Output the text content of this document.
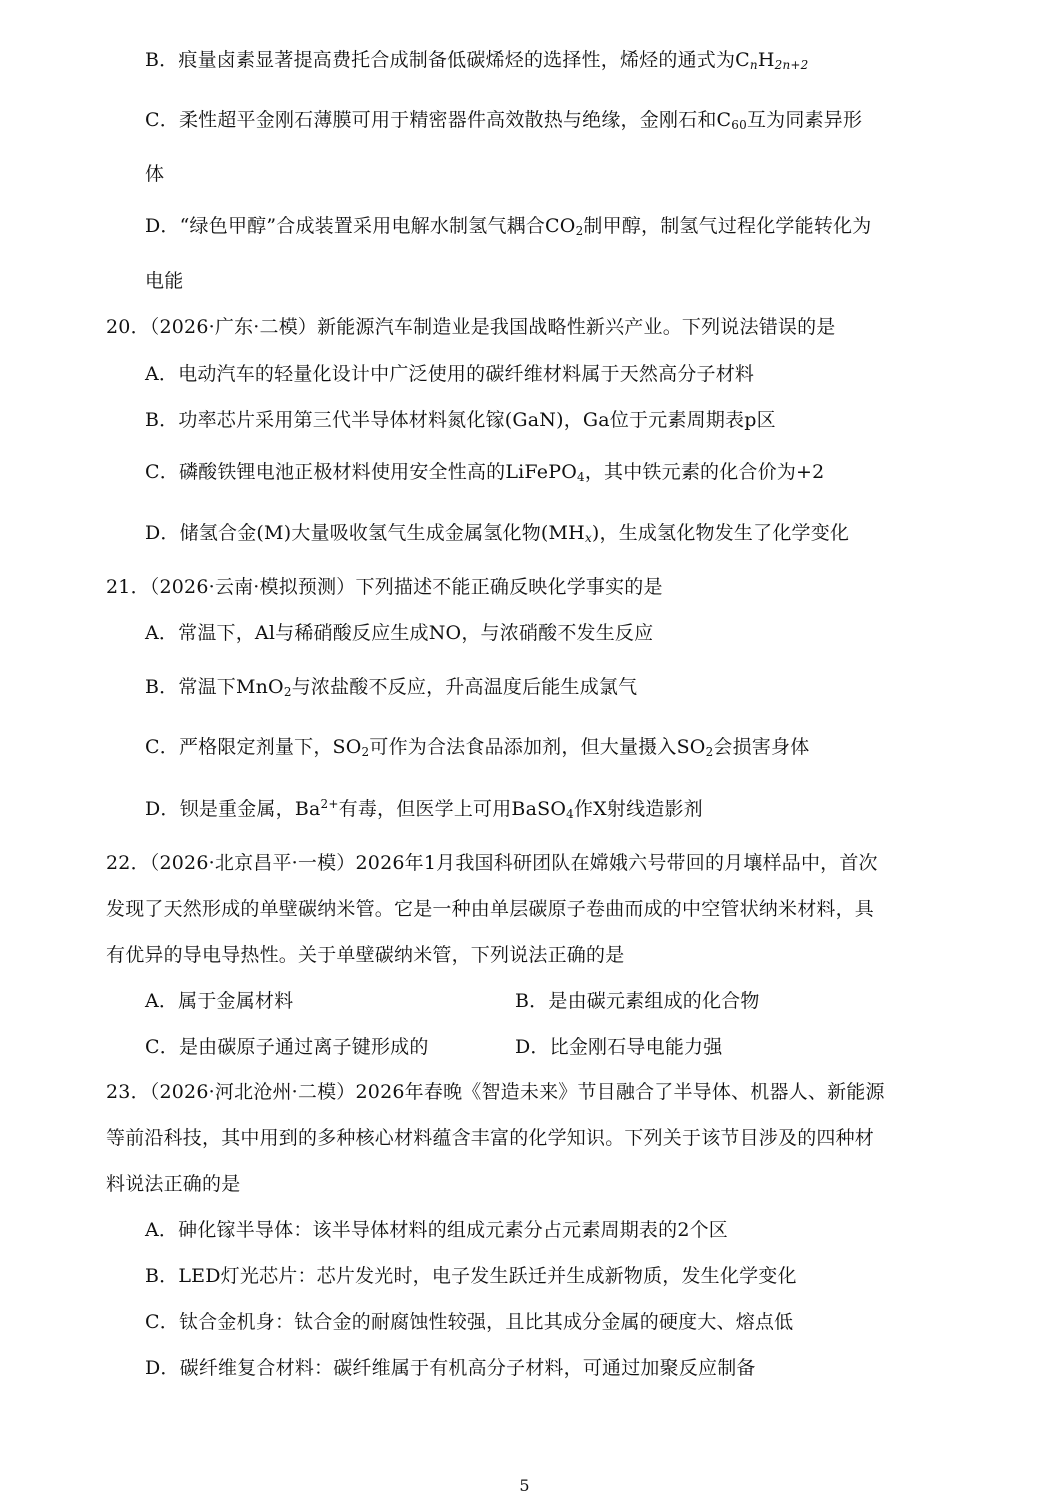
B．痕量卤素显著提高费托合成制备低碳烯烃的选择性，烯烃的通式为$C_nH_{2n+2}$
C．柔性超平金刚石薄膜可用于精密器件高效散热与绝缘，金刚石和$C_{60}$互为同素异形
体
D．“绿色甲醇”合成装置采用电解水制氢气耦合$CO_2$制甲醇，制氢气过程化学能转化为
电能
20．（2026·广东·二模）新能源汽车制造业是我国战略性新兴产业。下列说法错误的是
A．电动汽车的轻量化设计中广泛使用的碳纤维材料属于天然高分子材料
B．功率芯片采用第三代半导体材料氮化镓(GaN)，Ga位于元素周期表p区
C．磷酸铁锂电池正极材料使用安全性高的LiFePO$_4$，其中铁元素的化合价为+2
D．储氢合金(M)大量吸收氢气生成金属氢化物$(MH_x)$，生成氢化物发生了化学变化
21．（2026·云南·模拟预测）下列描述不能正确反映化学事实的是
A．常温下，Al与稀硝酸反应生成NO，与浓硝酸不发生反应
B．常温下MnO$_2$与浓盐酸不反应，升高温度后能生成氯气
C．严格限定剂量下，$SO_2$可作为合法食品添加剂，但大量摄入$SO_2$会损害身体
D．钡是重金属，$Ba^{2+}$有毒，但医学上可用BaSO$_4$作X射线造影剂
22．（2026·北京昌平·一模）2026年1月我国科研团队在嫦娥六号带回的月壤样品中，首次
发现了天然形成的单壁碳纳米管。它是一种由单层碳原子卷曲而成的中空管状纳米材料，具
有优异的导电导热性。关于单壁碳纳米管，下列说法正确的是
A．属于金属材料	B．是由碳元素组成的化合物
C．是由碳原子通过离子键形成的	D．比金刚石导电能力强
23．（2026·河北沧州·二模）2026年春晚《智造未来》节目融合了半导体、机器人、新能源
等前沿科技，其中用到的多种核心材料蕴含丰富的化学知识。下列关于该节目涉及的四种材
料说法正确的是
A．砷化镓半导体：该半导体材料的组成元素分占元素周期表的2个区
B．LED灯光芯片：芯片发光时，电子发生跃迁并生成新物质，发生化学变化
C．钛合金机身：钛合金的耐腐蚀性较强，且比其成分金属的硬度大、熔点低
D．碳纤维复合材料：碳纤维属于有机高分子材料，可通过加聚反应制备
5
